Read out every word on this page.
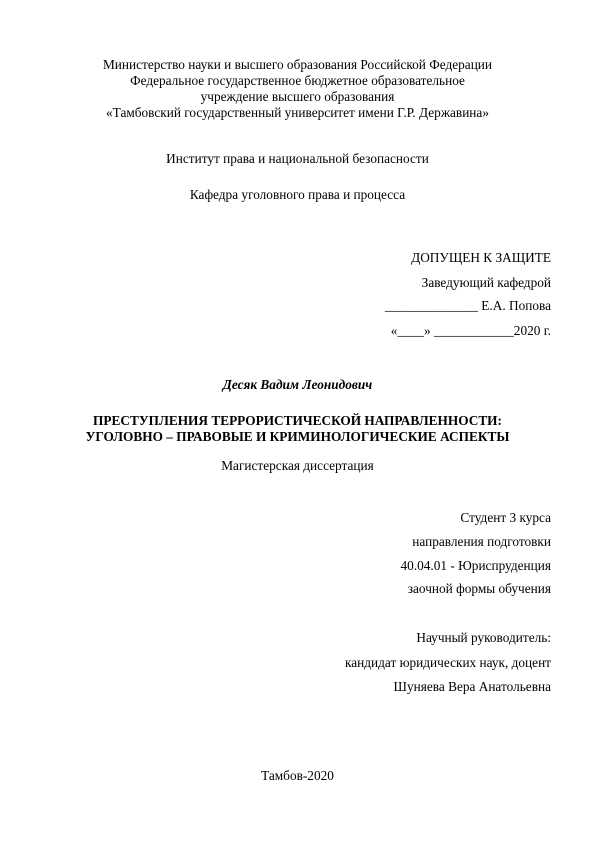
Министерство науки и высшего образования Российской Федерации
Федеральное государственное бюджетное образовательное
учреждение высшего образования
«Тамбовский государственный университет имени Г.Р. Державина»
Институт права и национальной безопасности
Кафедра уголовного права и процесса
ДОПУЩЕН К ЗАЩИТЕ
Заведующий кафедрой
______________ Е.А. Попова
«____» ____________2020 г.
Десяк Вадим Леонидович
ПРЕСТУПЛЕНИЯ ТЕРРОРИСТИЧЕСКОЙ НАПРАВЛЕННОСТИ:
УГОЛОВНО – ПРАВОВЫЕ И КРИМИНОЛОГИЧЕСКИЕ АСПЕКТЫ
Магистерская диссертация
Студент 3 курса
направления подготовки
40.04.01 - Юриспруденция
заочной формы обучения
Научный руководитель:
кандидат юридических наук, доцент
Шуняева Вера Анатольевна
Тамбов-2020
